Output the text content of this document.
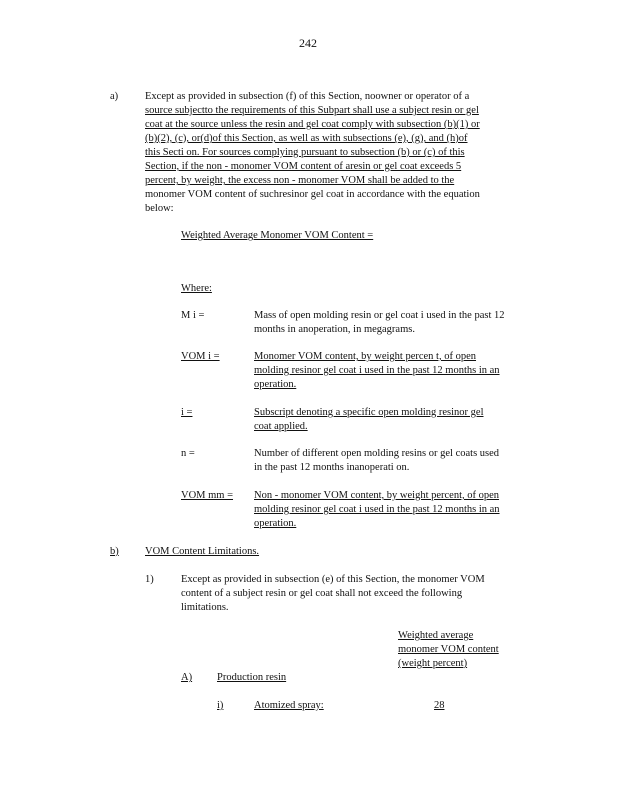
242
a)	Except as provided in subsection (f) of this Section, noowner or operator of a
source subjectto the requirements of this Subpart shall use a subject resin or gel
coat at the source unless the resin and gel coat comply with subsection (b)(1) or
(b)(2), (c), or(d)of this Section, as well as with subsections (e), (g), and (h)of
this Secti on. For sources complying pursuant to subsection (b) or (c) of this
Section, if the non - monomer VOM content of aresin or gel coat exceeds 5
percent, by weight, the excess non - monomer VOM shall be added to the
monomer VOM content of suchresinor gel coat in accordance with the equation
below:
Weighted Average Monomer VOM Content =
Where:
M i =	Mass of open molding resin or gel coat i used in the past 12
months in anoperation, in megagrams.
VOM i =	Monomer VOM content, by weight percen t, of open
molding resinor gel coat i used in the past 12 months in an
operation.
i =	Subscript denoting a specific open molding resinor gel
coat applied.
n =	Number of different open molding resins or gel coats used
in the past 12 months inanoperati on.
VOM mm =	Non - monomer VOM content, by weight percent, of open
molding resinor gel coat i used in the past 12 months in an
operation.
b)	VOM Content Limitations.
1)	Except as provided in subsection (e) of this Section, the monomer VOM
content of a subject resin or gel coat shall not exceed the following
limitations.
Weighted average
monomer VOM content
(weight percent)
A) Production resin
i)	Atomized spray:	28
